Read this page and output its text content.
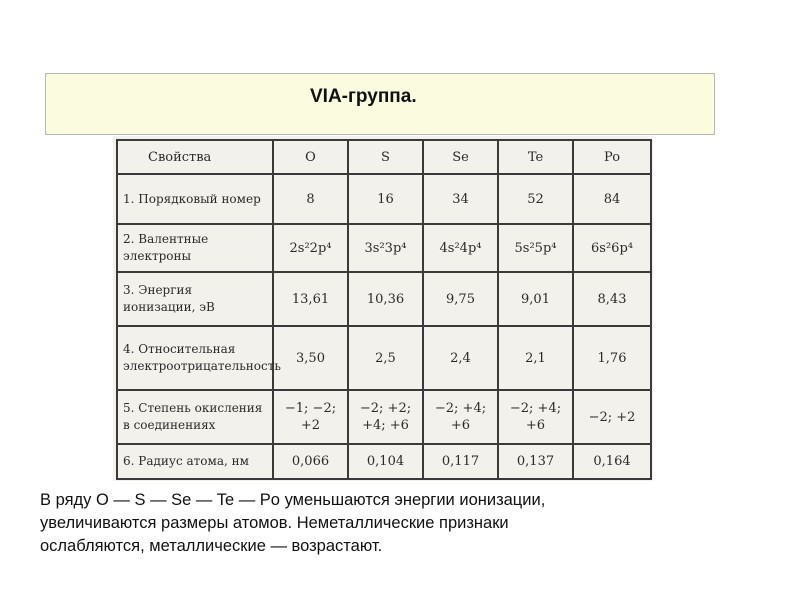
VIA-группа.
Свойства	O	S	Se	Te	Po
1. Порядковый номер	8	16	34	52	84
2. Валентные электроны	2s²2p⁴	3s²3p⁴	4s²4p⁴	5s²5p⁴	6s²6p⁴
3. Энергия ионизации, эВ	13,61	10,36	9,75	9,01	8,43
4. Относительная электроотрицательность	3,50	2,5	2,4	2,1	1,76
5. Степень окисления в соединениях	−1; −2; +2	−2; +2; +4; +6	−2; +4; +6	−2; +4; +6	−2; +2
6. Радиус атома, нм	0,066	0,104	0,117	0,137	0,164
В ряду O — S — Se — Te — Po уменьшаются энергии ионизации,
увеличиваются размеры атомов. Неметаллические признаки
ослабляются, металлические — возрастают.
